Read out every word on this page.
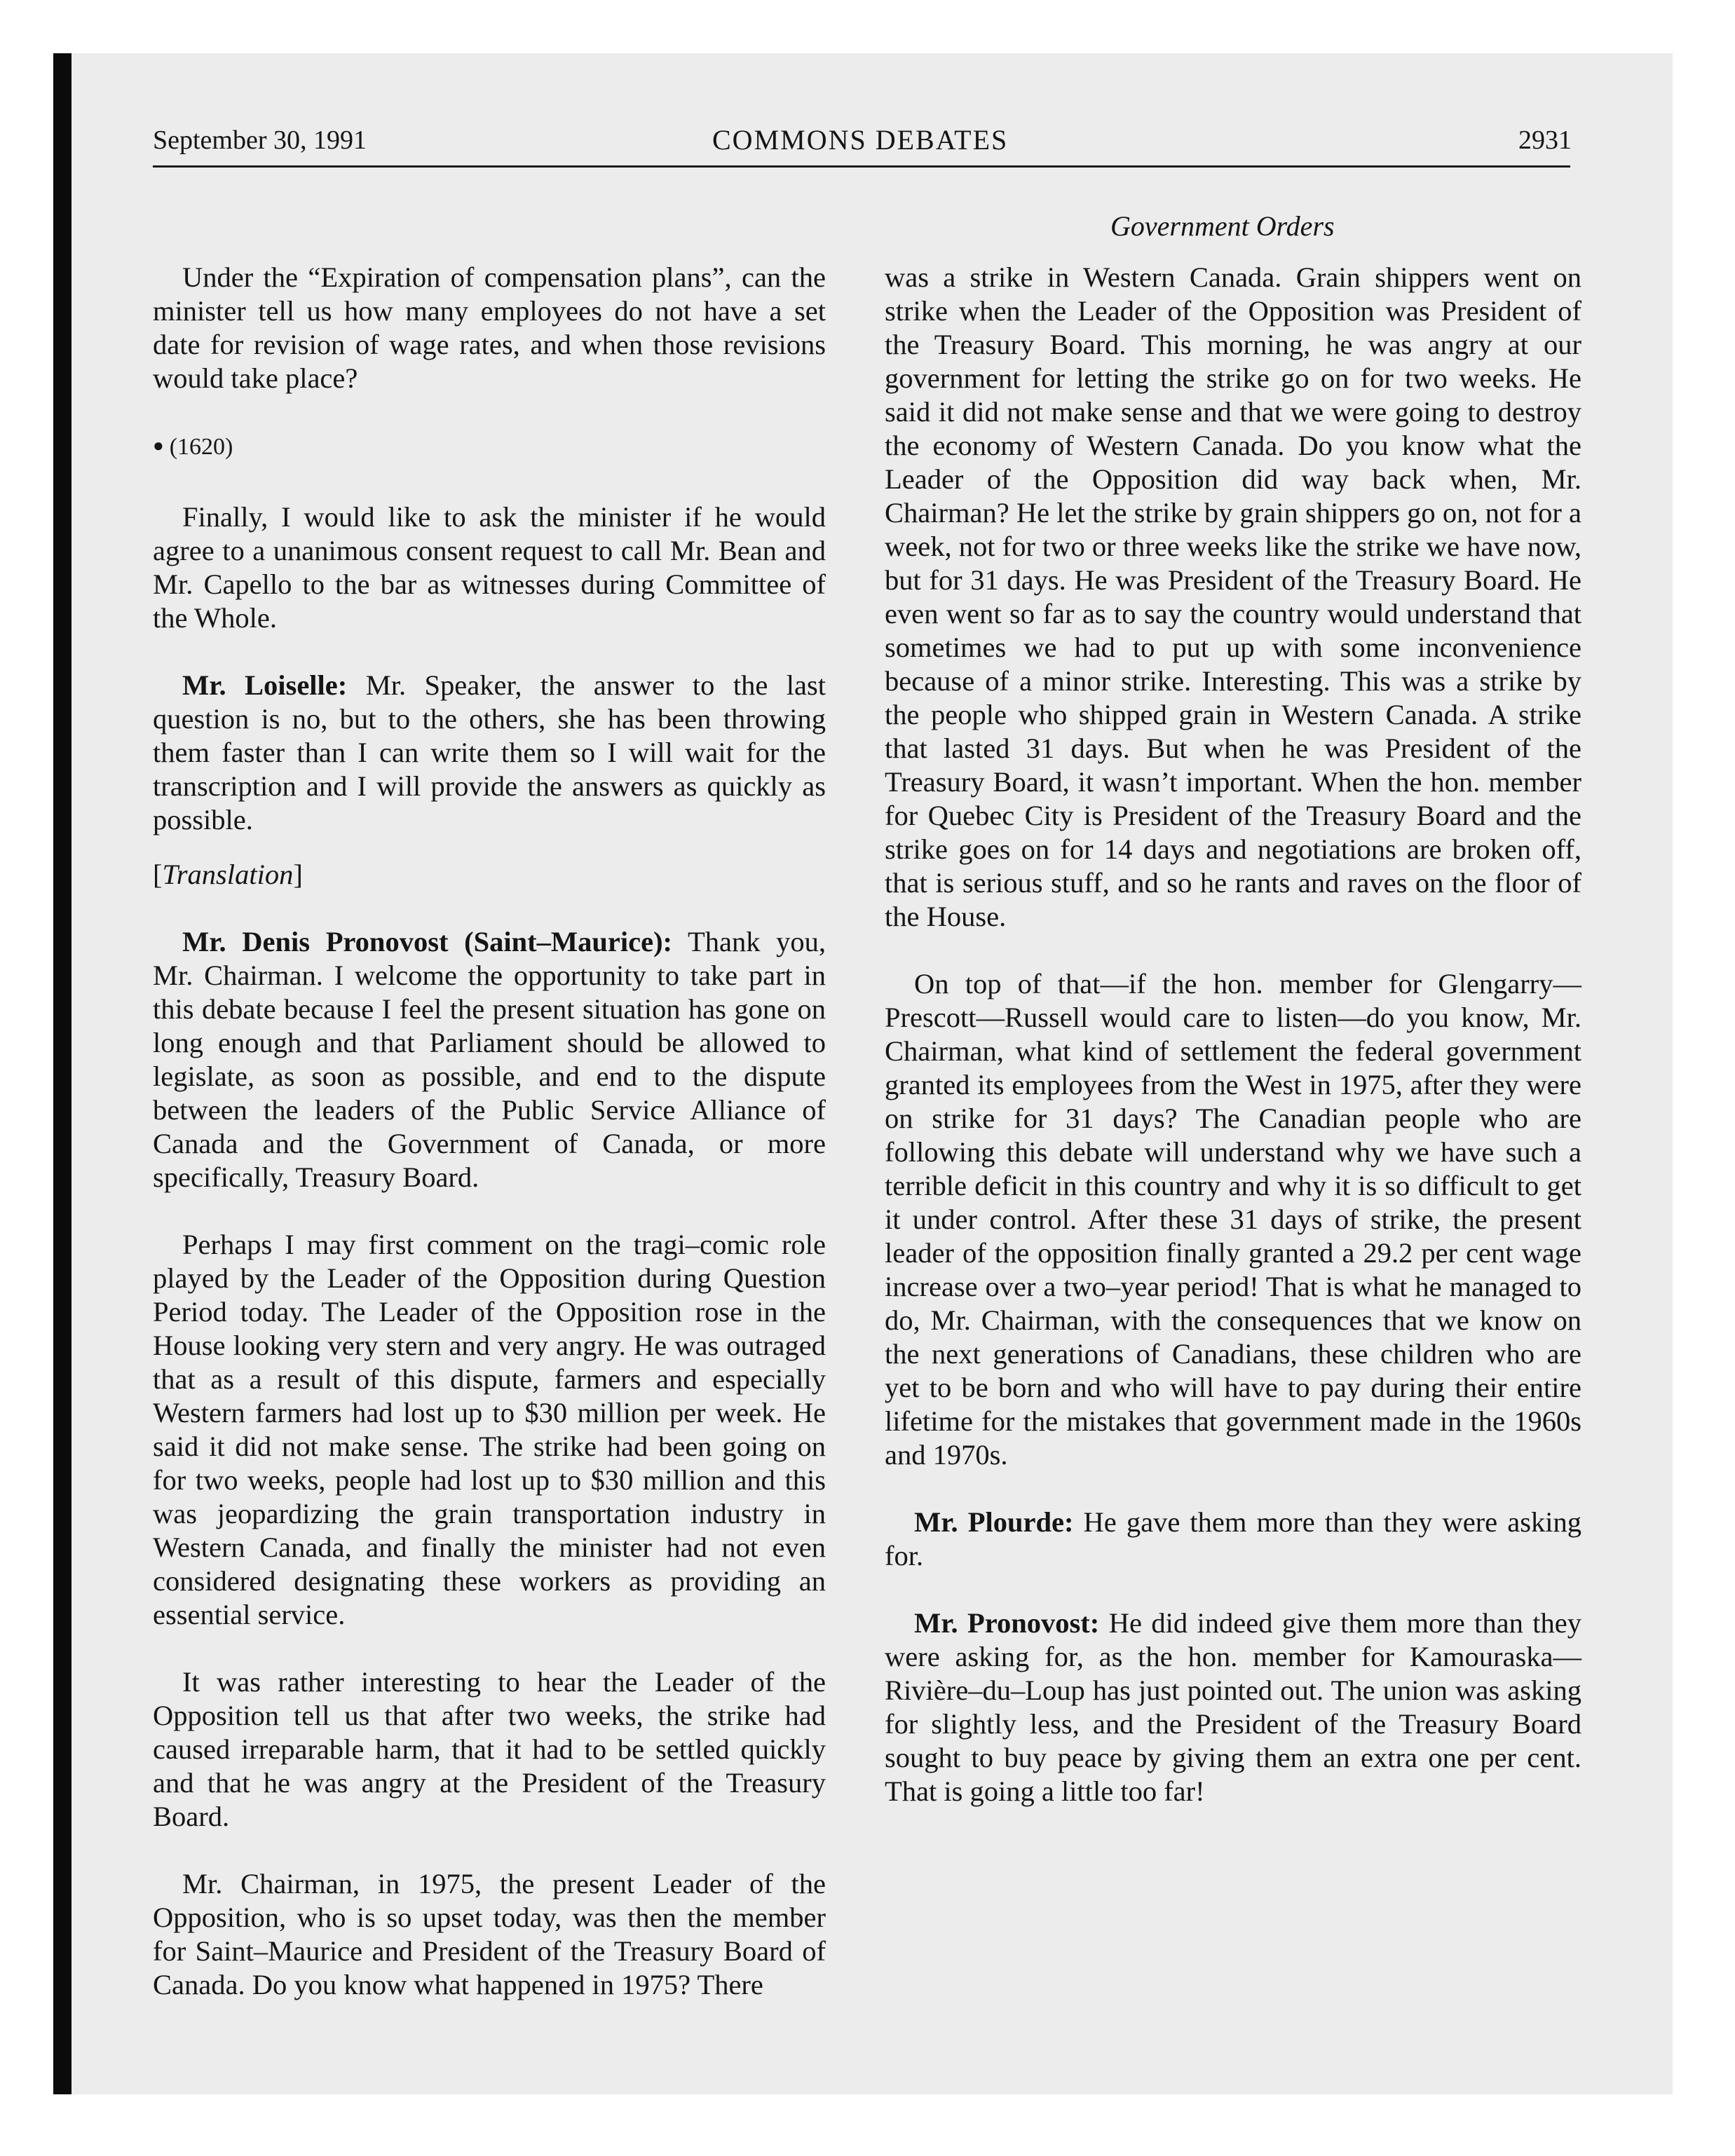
September 30, 1991	COMMONS DEBATES	2931
Government Orders

Under the “Expiration of compensation plans”, can the minister tell us how many employees do not have a set date for revision of wage rates, and when those revisions would take place?

● (1620)

Finally, I would like to ask the minister if he would agree to a unanimous consent request to call Mr. Bean and Mr. Capello to the bar as witnesses during Committee of the Whole.

Mr. Loiselle: Mr. Speaker, the answer to the last question is no, but to the others, she has been throwing them faster than I can write them so I will wait for the transcription and I will provide the answers as quickly as possible.

[Translation]

Mr. Denis Pronovost (Saint–Maurice): Thank you, Mr. Chairman. I welcome the opportunity to take part in this debate because I feel the present situation has gone on long enough and that Parliament should be allowed to legislate, as soon as possible, and end to the dispute between the leaders of the Public Service Alliance of Canada and the Government of Canada, or more specifically, Treasury Board.

Perhaps I may first comment on the tragi–comic role played by the Leader of the Opposition during Question Period today. The Leader of the Opposition rose in the House looking very stern and very angry. He was outraged that as a result of this dispute, farmers and especially Western farmers had lost up to $30 million per week. He said it did not make sense. The strike had been going on for two weeks, people had lost up to $30 million and this was jeopardizing the grain transportation industry in Western Canada, and finally the minister had not even considered designating these workers as providing an essential service.

It was rather interesting to hear the Leader of the Opposition tell us that after two weeks, the strike had caused irreparable harm, that it had to be settled quickly and that he was angry at the President of the Treasury Board.

Mr. Chairman, in 1975, the present Leader of the Opposition, who is so upset today, was then the member for Saint–Maurice and President of the Treasury Board of Canada. Do you know what happened in 1975? There

was a strike in Western Canada. Grain shippers went on strike when the Leader of the Opposition was President of the Treasury Board. This morning, he was angry at our government for letting the strike go on for two weeks. He said it did not make sense and that we were going to destroy the economy of Western Canada. Do you know what the Leader of the Opposition did way back when, Mr. Chairman? He let the strike by grain shippers go on, not for a week, not for two or three weeks like the strike we have now, but for 31 days. He was President of the Treasury Board. He even went so far as to say the country would understand that sometimes we had to put up with some inconvenience because of a minor strike. Interesting. This was a strike by the people who shipped grain in Western Canada. A strike that lasted 31 days. But when he was President of the Treasury Board, it wasn’t important. When the hon. member for Quebec City is President of the Treasury Board and the strike goes on for 14 days and negotiations are broken off, that is serious stuff, and so he rants and raves on the floor of the House.

On top of that—if the hon. member for Glengarry—Prescott—Russell would care to listen—do you know, Mr. Chairman, what kind of settlement the federal government granted its employees from the West in 1975, after they were on strike for 31 days? The Canadian people who are following this debate will understand why we have such a terrible deficit in this country and why it is so difficult to get it under control. After these 31 days of strike, the present leader of the opposition finally granted a 29.2 per cent wage increase over a two–year period! That is what he managed to do, Mr. Chairman, with the consequences that we know on the next generations of Canadians, these children who are yet to be born and who will have to pay during their entire lifetime for the mistakes that government made in the 1960s and 1970s.

Mr. Plourde: He gave them more than they were asking for.

Mr. Pronovost: He did indeed give them more than they were asking for, as the hon. member for Kamouraska—Rivière–du–Loup has just pointed out. The union was asking for slightly less, and the President of the Treasury Board sought to buy peace by giving them an extra one per cent. That is going a little too far!
